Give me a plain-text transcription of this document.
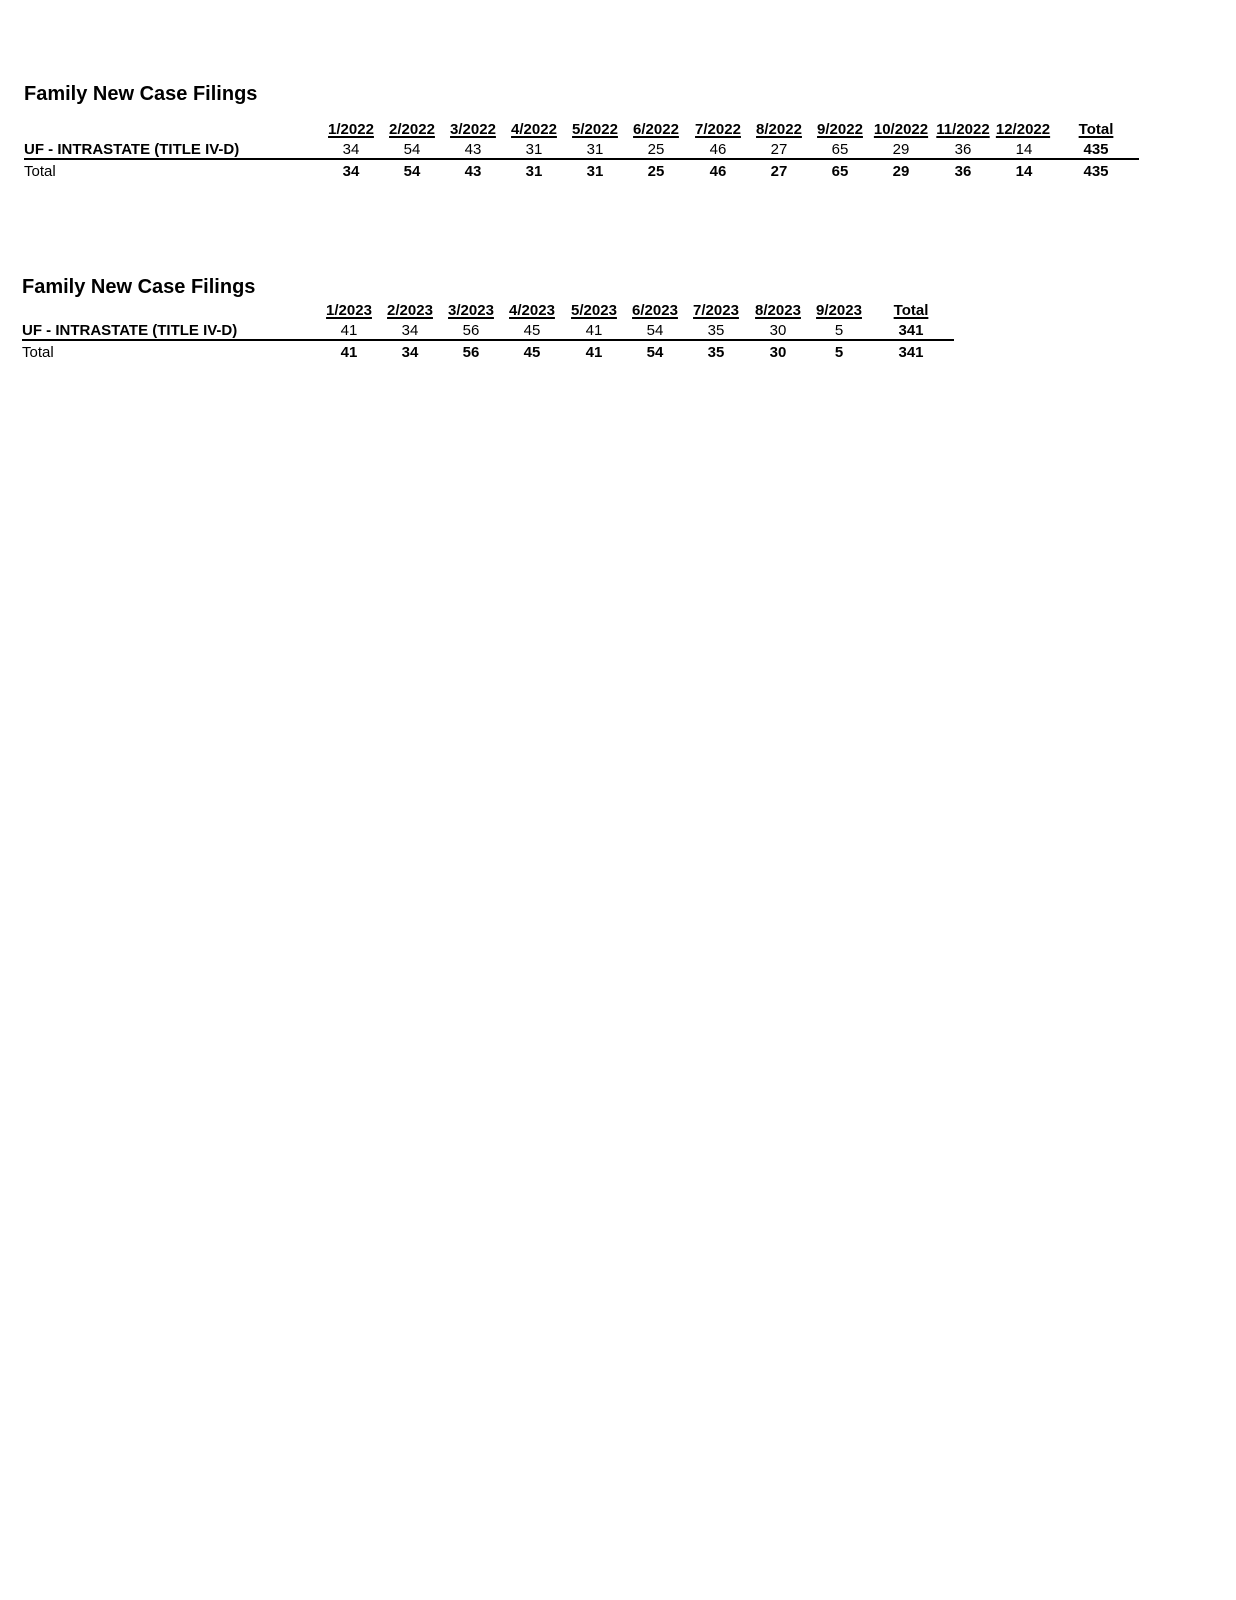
Family New Case Filings
1/2022 2/2022 3/2022 4/2022 5/2022 6/2022 7/2022 8/2022 9/2022 10/2022 11/2022 12/2022	Total
UF - INTRASTATE (TITLE IV-D)	34	54	43	31	31	25	46	27	65	29	36	14	435
Total	34	54	43	31	31	25	46	27	65	29	36	14	435
Family New Case Filings
1/2023 2/2023 3/2023 4/2023 5/2023 6/2023 7/2023 8/2023 9/2023	Total
UF - INTRASTATE (TITLE IV-D)	41	34	56	45	41	54	35	30	5	341
Total	41	34	56	45	41	54	35	30	5	341
